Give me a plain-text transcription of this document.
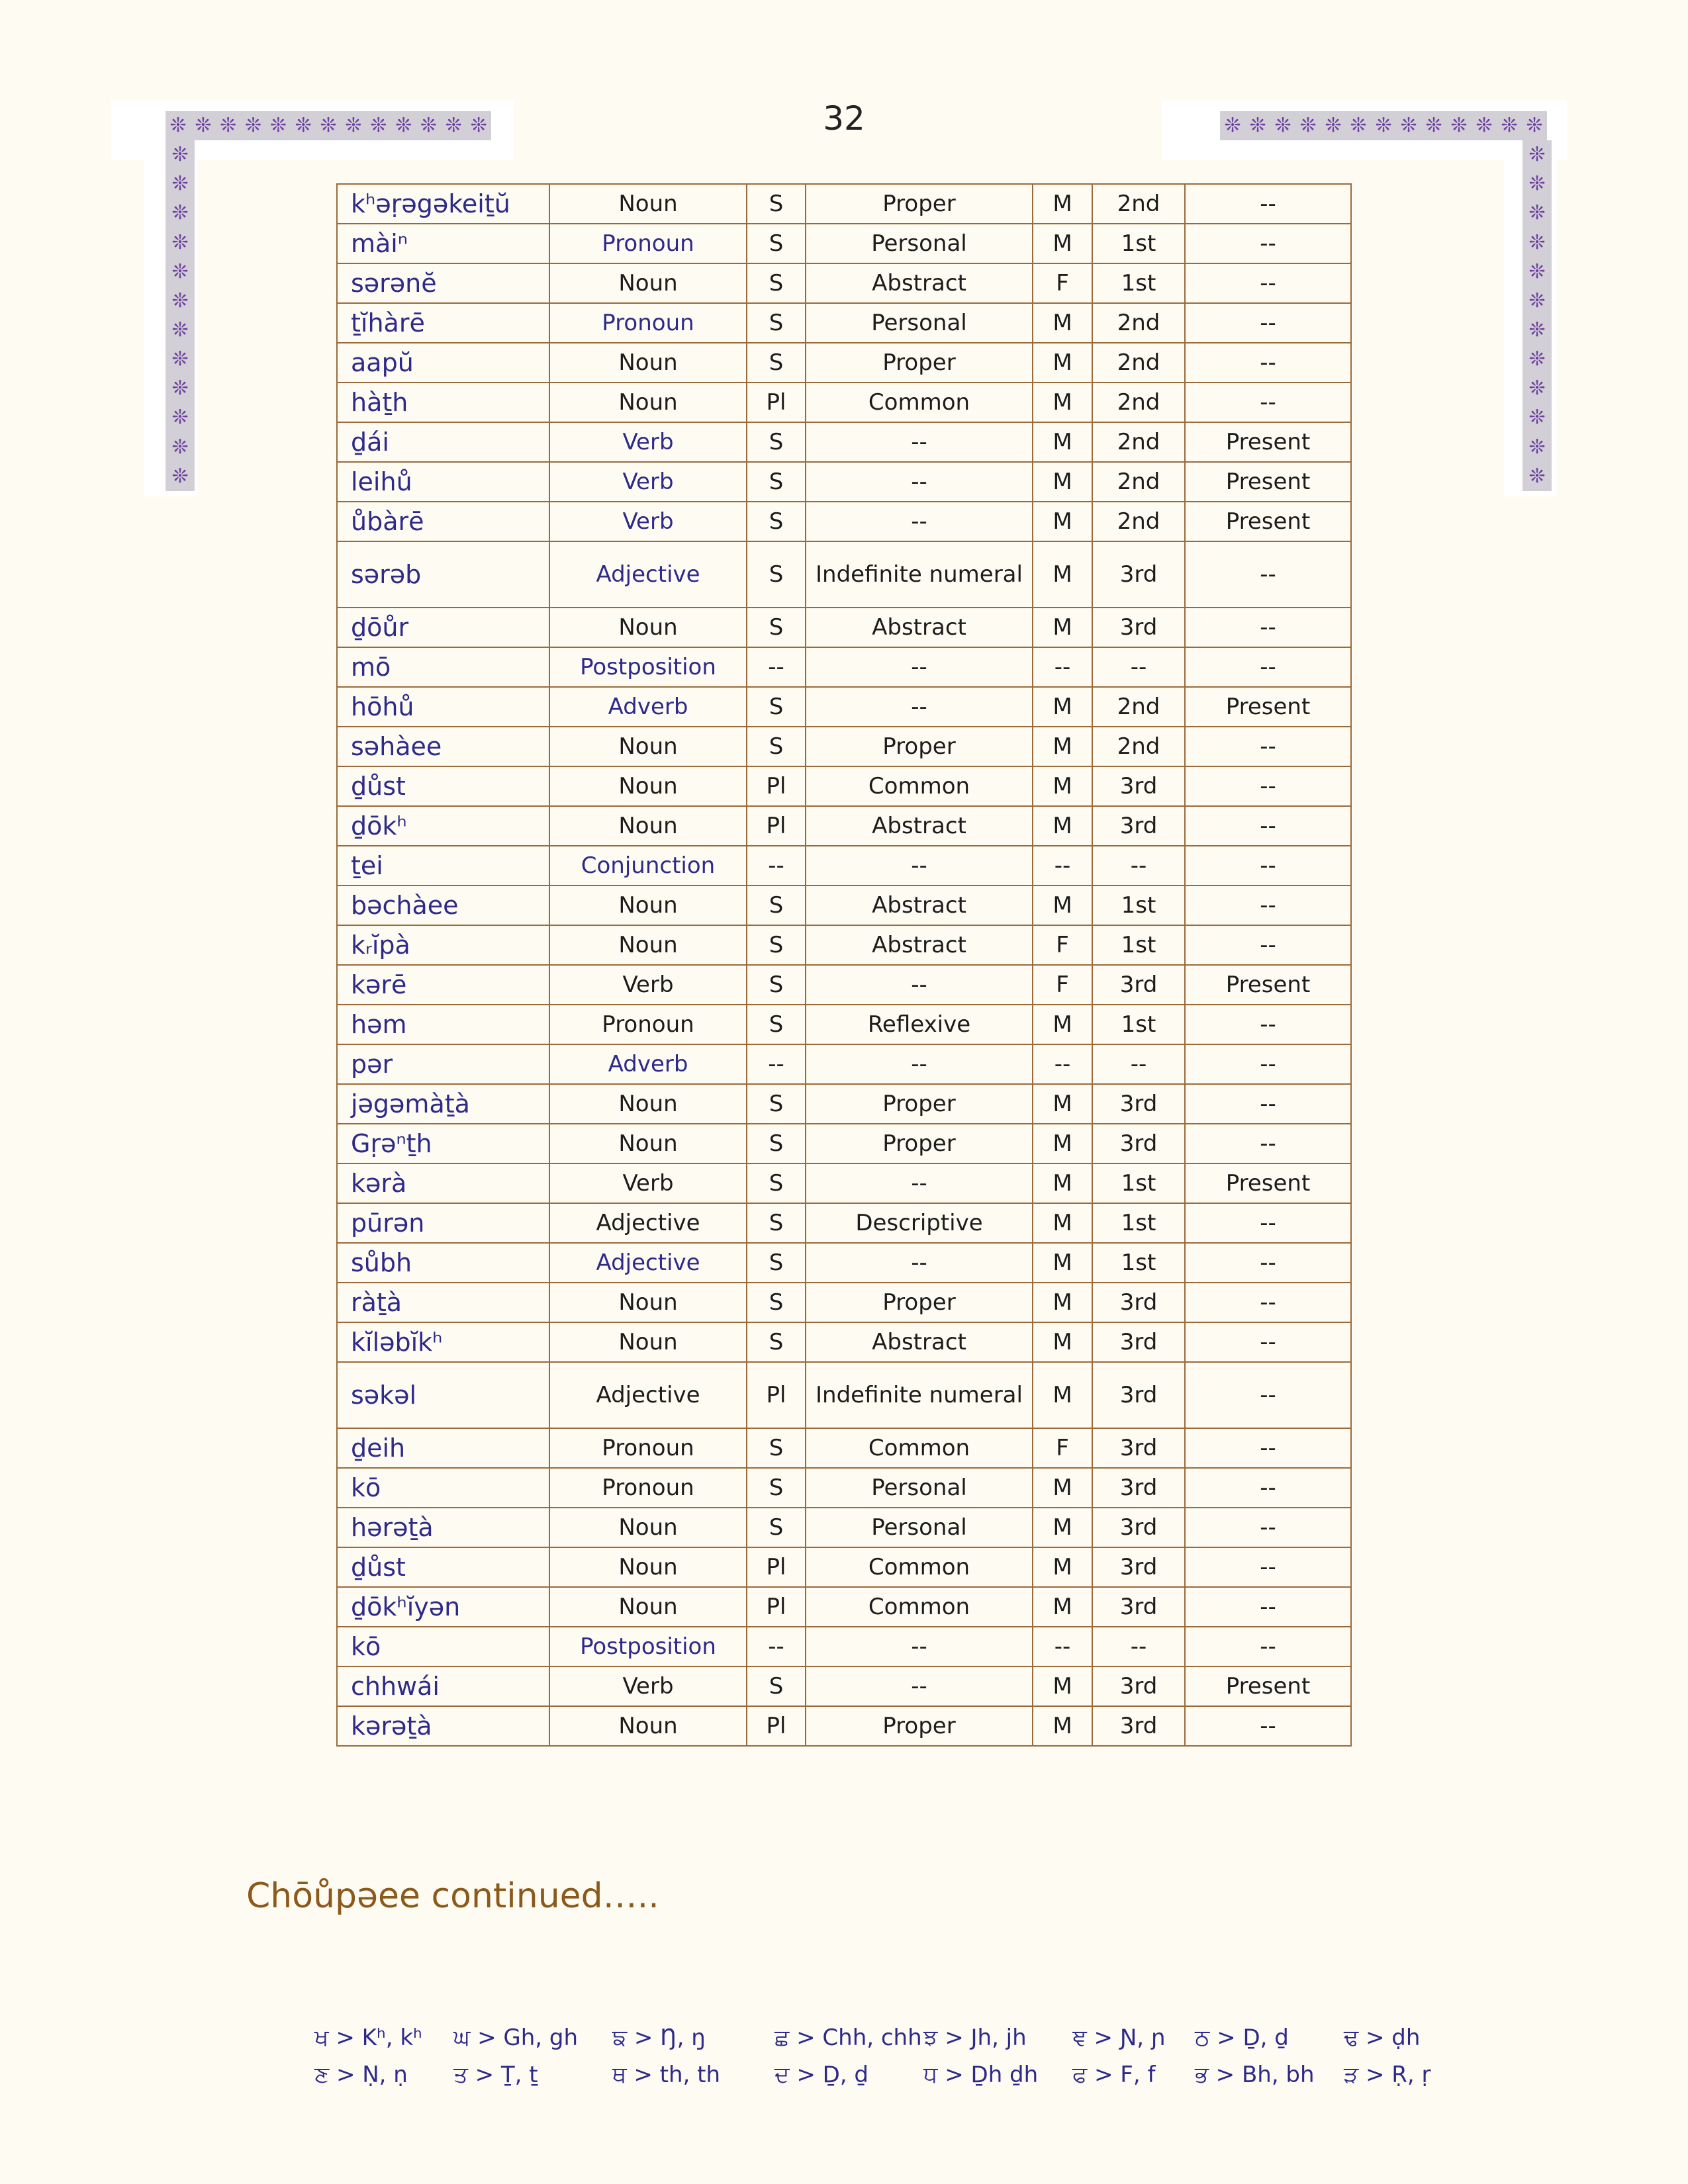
❊ ❊ ❊ ❊ ❊ ❊ ❊ ❊ ❊ ❊ ❊ ❊ ❊
❊
❊
❊
❊
❊
❊
❊
❊
❊
❊
❊
❊
❊ ❊ ❊ ❊ ❊ ❊ ❊ ❊ ❊ ❊ ❊ ❊ ❊
❊
❊
❊
❊
❊
❊
❊
❊
❊
❊
❊
❊
32
kʰəṛəgəkeiṯŭ	Noun	S	Proper	M	2nd	--
màiⁿ	Pronoun	S	Personal	M	1st	--
sərənĕ	Noun	S	Abstract	F	1st	--
ṯĭhàrē	Pronoun	S	Personal	M	2nd	--
aapŭ	Noun	S	Proper	M	2nd	--
hàṯh	Noun	Pl	Common	M	2nd	--
ḏái	Verb	S	--	M	2nd	Present
leihů	Verb	S	--	M	2nd	Present
ůbàrē	Verb	S	--	M	2nd	Present
sərəb	Adjective	S	Indefinite numeral	M	3rd	--
ḏōůr	Noun	S	Abstract	M	3rd	--
mō	Postposition	--	--	--	--	--
hōhů	Adverb	S	--	M	2nd	Present
səhàee	Noun	S	Proper	M	2nd	--
ḏůst	Noun	Pl	Common	M	3rd	--
ḏōkʰ	Noun	Pl	Abstract	M	3rd	--
ṯei	Conjunction	--	--	--	--	--
bəchàee	Noun	S	Abstract	M	1st	--
kᵣĭpà	Noun	S	Abstract	F	1st	--
kərē	Verb	S	--	F	3rd	Present
həm	Pronoun	S	Reflexive	M	1st	--
pər	Adverb	--	--	--	--	--
jəgəmàṯà	Noun	S	Proper	M	3rd	--
Gṛəⁿṯh	Noun	S	Proper	M	3rd	--
kərà	Verb	S	--	M	1st	Present
pūrən	Adjective	S	Descriptive	M	1st	--
sůbh	Adjective	S	--	M	1st	--
ràṯà	Noun	S	Proper	M	3rd	--
kĭləbĭkʰ	Noun	S	Abstract	M	3rd	--
səkəl	Adjective	Pl	Indefinite numeral	M	3rd	--
ḏeih	Pronoun	S	Common	F	3rd	--
kō	Pronoun	S	Personal	M	3rd	--
hərəṯà	Noun	S	Personal	M	3rd	--
ḏůst	Noun	Pl	Common	M	3rd	--
ḏōkʰĭyən	Noun	Pl	Common	M	3rd	--
kō	Postposition	--	--	--	--	--
chhwái	Verb	S	--	M	3rd	Present
kərəṯà	Noun	Pl	Proper	M	3rd	--
Chōůpəee continued…..
ਖ > Kʰ, kʰ	ਘ > Gh, gh	ਙ > Ŋ, ŋ	ਛ > Chh, chh ਝ > Jh, jh	ਞ > Ɲ, ɲ	ਠ > Ḏ, ḏ	ਢ > ḍh
ਣ > Ṇ, ṇ	ਤ > Ṯ, ṯ	ਥ > th, th	ਦ > Ḏ, ḏ	ਧ > Ḏh ḏh	ਫ > F, f	ਭ > Bh, bh	ੜ > Ṛ, ṛ
